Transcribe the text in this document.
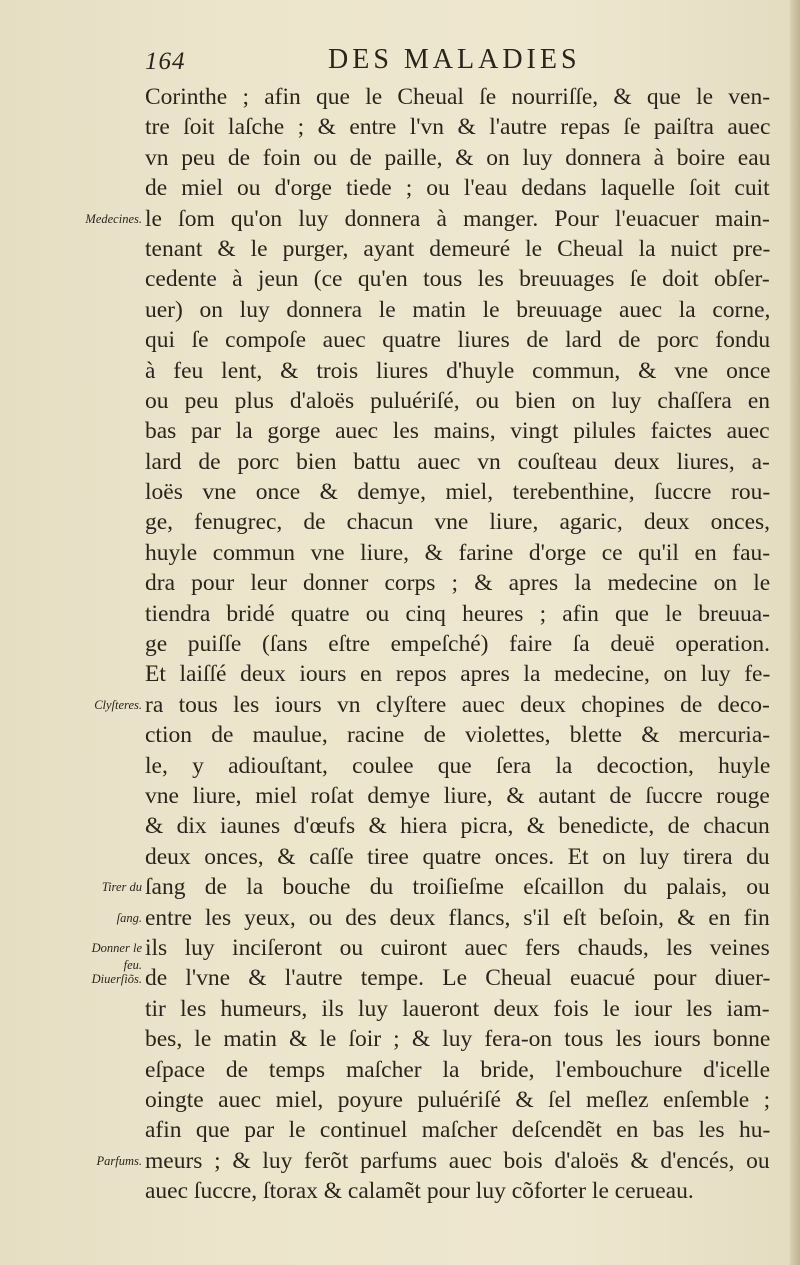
164	DES MALADIES
Corinthe ; afin que le Cheual ſe nourriſſe, & que le ven-
tre ſoit laſche ; & entre l'vn & l'autre repas ſe paiſtra auec
vn peu de foin ou de paille, & on luy donnera à boire eau
de miel ou d'orge tiede ; ou l'eau dedans laquelle ſoit cuit
le ſom qu'on luy donnera à manger. Pour l'euacuer main-
tenant & le purger, ayant demeuré le Cheual la nuict pre-
cedente à jeun (ce qu'en tous les breuuages ſe doit obſer-
uer) on luy donnera le matin le breuuage auec la corne,
qui ſe compoſe auec quatre liures de lard de porc fondu
à feu lent, & trois liures d'huyle commun, & vne once
ou peu plus d'aloës puluériſé, ou bien on luy chaſſera en
bas par la gorge auec les mains, vingt pilules faictes auec
lard de porc bien battu auec vn couſteau deux liures, a-
loës vne once & demye, miel, terebenthine, ſuccre rou-
ge, fenugrec, de chacun vne liure, agaric, deux onces,
huyle commun vne liure, & farine d'orge ce qu'il en fau-
dra pour leur donner corps ; & apres la medecine on le
tiendra bridé quatre ou cinq heures ; afin que le breuua-
ge puiſſe (ſans eſtre empeſché) faire ſa deuë operation.
Et laiſſé deux iours en repos apres la medecine, on luy fe-
ra tous les iours vn clyſtere auec deux chopines de deco-
ction de maulue, racine de violettes, blette & mercuria-
le, y adiouſtant, coulee que ſera la decoction, huyle
vne liure, miel roſat demye liure, & autant de ſuccre rouge
& dix iaunes d'œufs & hiera picra, & benedicte, de chacun
deux onces, & caſſe tiree quatre onces. Et on luy tirera du
ſang de la bouche du troiſieſme eſcaillon du palais, ou
entre les yeux, ou des deux flancs, s'il eſt beſoin, & en fin
ils luy inciſeront ou cuiront auec fers chauds, les veines
de l'vne & l'autre tempe. Le Cheual euacué pour diuer-
tir les humeurs, ils luy laueront deux fois le iour les iam-
bes, le matin & le ſoir ; & luy fera-on tous les iours bonne
eſpace de temps maſcher la bride, l'embouchure d'icelle
oingte auec miel, poyure puluériſé & ſel meſlez enſemble ;
afin que par le continuel maſcher deſcendẽt en bas les hu-
meurs ; & luy ferõt parfums auec bois d'aloës & d'encés, ou
auec ſuccre, ſtorax & calamẽt pour luy cõforter le cerueau.
Medecines.
Clyſteres.
Tirer du
ſang.
Donner le
feu.
Diuerſiõs.
Parfums.
